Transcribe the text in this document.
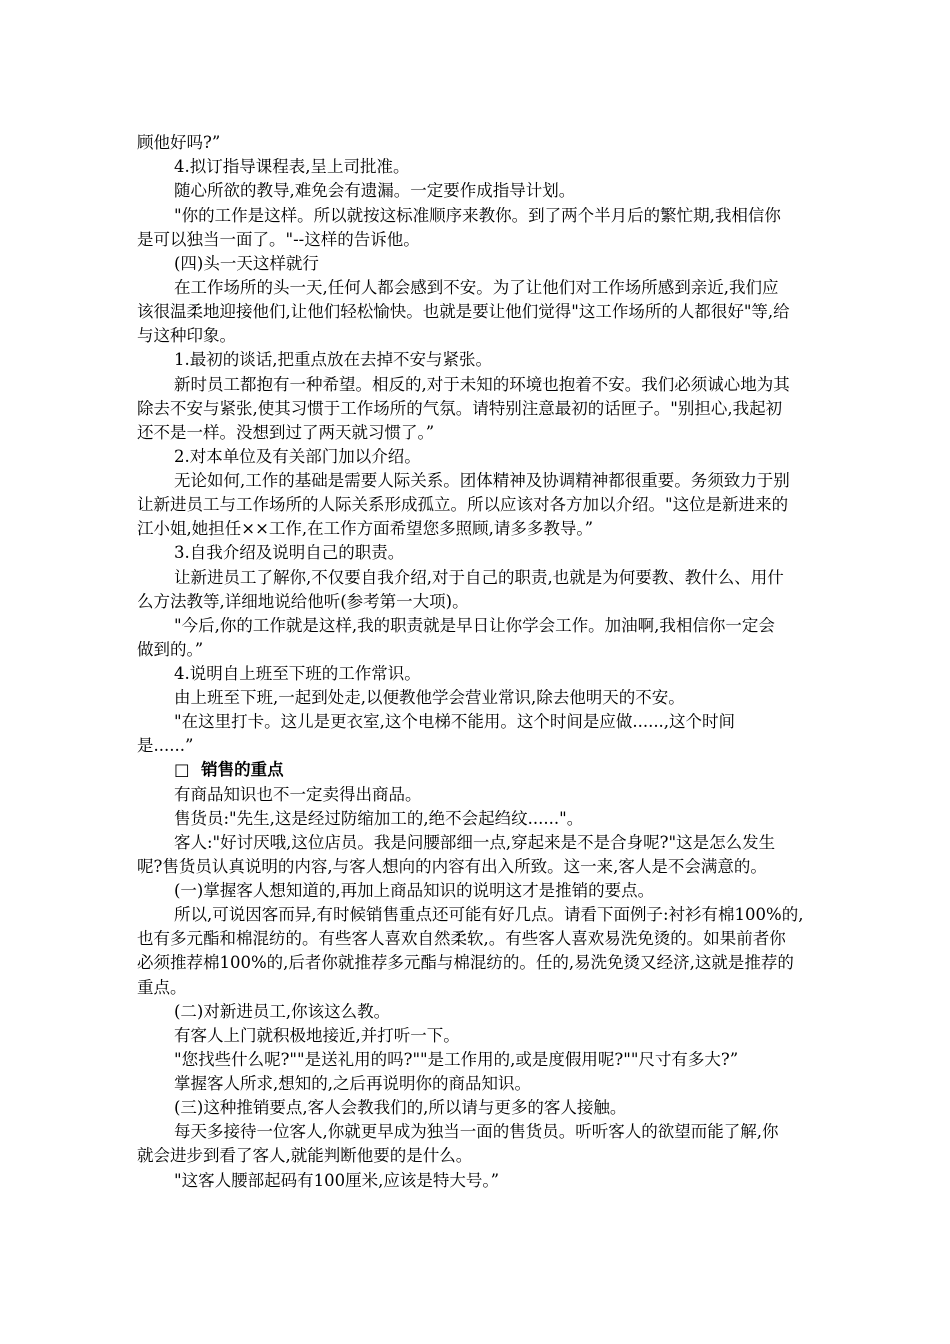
顾他好吗?”
4.拟订指导课程表,呈上司批准。
随心所欲的教导,难免会有遗漏。一定要作成指导计划。
"你的工作是这样。所以就按这标准顺序来教你。到了两个半月后的繁忙期,我相信你
是可以独当一面了。"--这样的告诉他。
(四)头一天这样就行
在工作场所的头一天,任何人都会感到不安。为了让他们对工作场所感到亲近,我们应
该很温柔地迎接他们,让他们轻松愉快。也就是要让他们觉得"这工作场所的人都很好"等,给
与这种印象。
1.最初的谈话,把重点放在去掉不安与紧张。
新时员工都抱有一种希望。相反的,对于未知的环境也抱着不安。我们必须诚心地为其
除去不安与紧张,使其习惯于工作场所的气氛。请特别注意最初的话匣子。"别担心,我起初
还不是一样。没想到过了两天就习惯了。”
2.对本单位及有关部门加以介绍。
无论如何,工作的基础是需要人际关系。团体精神及协调精神都很重要。务须致力于别
让新进员工与工作场所的人际关系形成孤立。所以应该对各方加以介绍。"这位是新进来的
江小姐,她担任××工作,在工作方面希望您多照顾,请多多教导。”
3.自我介绍及说明自己的职责。
让新进员工了解你,不仅要自我介绍,对于自己的职责,也就是为何要教、教什么、用什
么方法教等,详细地说给他听(参考第一大项)。
"今后,你的工作就是这样,我的职责就是早日让你学会工作。加油啊,我相信你一定会
做到的。”
4.说明自上班至下班的工作常识。
由上班至下班,一起到处走,以便教他学会营业常识,除去他明天的不安。
"在这里打卡。这儿是更衣室,这个电梯不能用。这个时间是应做......,这个时间
是......”
□  销售的重点
有商品知识也不一定卖得出商品。
售货员:"先生,这是经过防缩加工的,绝不会起绉纹......"。
客人:"好讨厌哦,这位店员。我是问腰部细一点,穿起来是不是合身呢?"这是怎么发生
呢?售货员认真说明的内容,与客人想向的内容有出入所致。这一来,客人是不会满意的。
(一)掌握客人想知道的,再加上商品知识的说明这才是推销的要点。
所以,可说因客而异,有时候销售重点还可能有好几点。请看下面例子:衬衫有棉100%的,
也有多元酯和棉混纺的。有些客人喜欢自然柔软,。有些客人喜欢易洗免烫的。如果前者你
必须推荐棉100%的,后者你就推荐多元酯与棉混纺的。任的,易洗免烫又经济,这就是推荐的
重点。
(二)对新进员工,你该这么教。
有客人上门就积极地接近,并打听一下。
"您找些什么呢?""是送礼用的吗?""是工作用的,或是度假用呢?""尺寸有多大?”
掌握客人所求,想知的,之后再说明你的商品知识。
(三)这种推销要点,客人会教我们的,所以请与更多的客人接触。
每天多接待一位客人,你就更早成为独当一面的售货员。听听客人的欲望而能了解,你
就会进步到看了客人,就能判断他要的是什么。
"这客人腰部起码有100厘米,应该是特大号。”
